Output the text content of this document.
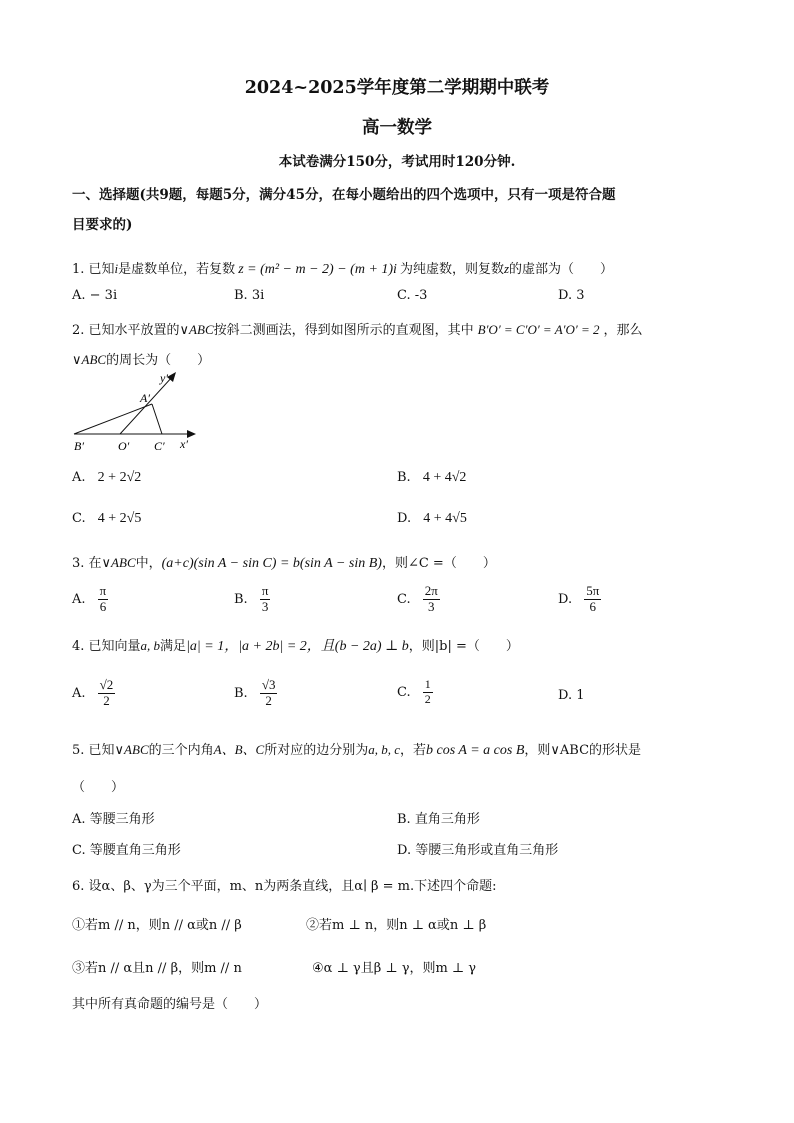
2024~2025学年度第二学期期中联考
高一数学
本试卷满分150分，考试用时120分钟.
一、选择题(共9题，每题5分，满分45分，在每小题给出的四个选项中，只有一项是符合题
目要求的)
1. 已知i是虚数单位，若复数 z = (m² − m − 2) − (m + 1)i 为纯虚数，则复数z的虚部为（　　）
A. − 3i	B. 3i	C. -3	D. 3
2. 已知水平放置的∨ABC按斜二测画法，得到如图所示的直观图，其中 B′O′ = C′O′ = A′O′ = 2 ，那么
∨ABC的周长为（　　）
y′
A′
B′	O′ C′ x′
A. 2 + 2√2	B. 4 + 4√2
C. 4 + 2√5	D. 4 + 4√5
3. 在∨ABC中，(a+c)(sin A − sin C) = b(sin A − sin B)，则∠C =（　　）
A. $\frac{\pi}{6}$	B. $\frac{\pi}{3}$	C. $\frac{2\pi}{3}$	D. $\frac{5\pi}{6}$
4. 已知向量a, b满足|a| = 1，|a + 2b| = 2，且(b − 2a) ⊥ b，则|b| =（　　）
A. $\frac{√2}{2}$	B. $\frac{√3}{2}$	C. $\frac{1}{2}$	D. 1
5. 已知∨ABC的三个内角A、B、C所对应的边分别为a, b, c，若b cos A = a cos B，则∨ABC的形状是
（　　）
A. 等腰三角形	B. 直角三角形
C. 等腰直角三角形	D. 等腰三角形或直角三角形
6. 设α、β、γ为三个平面，m、n为两条直线，且α∣ β = m.下述四个命题:
①若m // n，则n // α或n // β	②若m ⊥ n，则n ⊥ α或n ⊥ β
③若n // α且n // β，则m // n	④α ⊥ γ且β ⊥ γ，则m ⊥ γ
其中所有真命题的编号是（　　）
